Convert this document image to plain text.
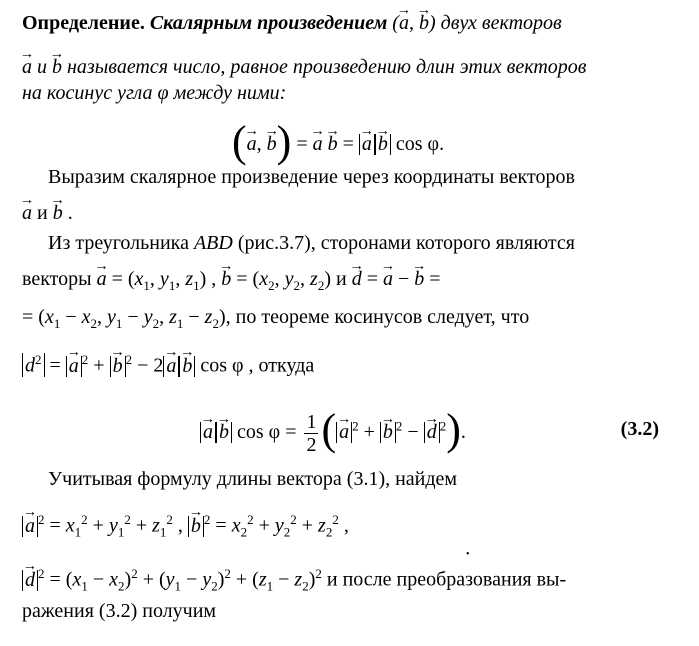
Определение. Скалярным произведением (→ a, → b) двух векторов
→ a и → b называется число, равное произведению длин этих векторов
на косинус угла φ между ними:
(→ a, → b) = → a → b = → a → b cos φ.
Выразим скалярное произведение через координаты векторов
→ a и → b .
Из треугольника ABD (рис.3.7), сторонами которого являются
векторы → $a = (x_1$, $y_1$, $z_1$) , → $b = (x_2$, $y_2$, $z_2$) и → d = → a − → b =
= ($x_1 - x_2$, $y_1 - y_2$, $z_1 - z_2$), по теореме косинусов следует, что
$d^2$ = → a $^2$ + → b $^2$ − 2 → a → b cos φ , откуда
→ a → b $\cos \varphi = \frac{1}{2}$ ( → a $^2$ + → b $^2$ − → d $^2$).	(3.2)
Учитывая формулу длины вектора (3.1), найдем
→ a $^2 = x_1^2 + y_1^2 + z_1^2$ , → b $^2 = x_2^2 + y_2^2 + z_2^2$ ,
→ d $^2 = (x_1 - x_2)^2 + (y_1 - y_2)^2 + (z_1 - z_2)^2$ и после преобразования вы-
ражения (3.2) получим
•
